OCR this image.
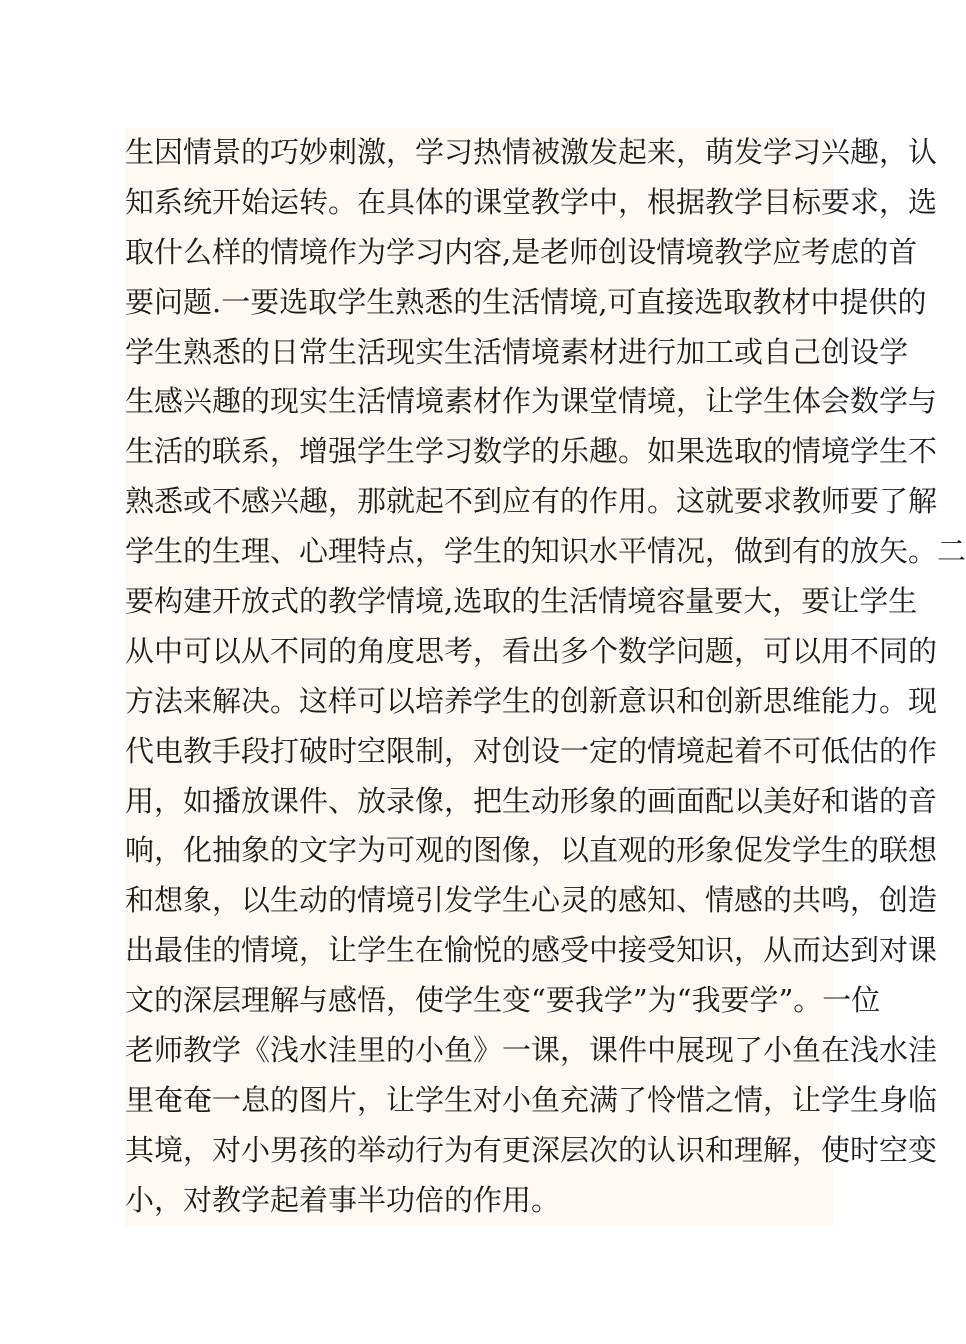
生因情景的巧妙刺激，学习热情被激发起来，萌发学习兴趣，认
知系统开始运转。在具体的课堂教学中，根据教学目标要求，选
取什么样的情境作为学习内容,是老师创设情境教学应考虑的首
要问题.一要选取学生熟悉的生活情境,可直接选取教材中提供的
学生熟悉的日常生活现实生活情境素材进行加工或自己创设学
生感兴趣的现实生活情境素材作为课堂情境，让学生体会数学与
生活的联系，增强学生学习数学的乐趣。如果选取的情境学生不
熟悉或不感兴趣，那就起不到应有的作用。这就要求教师要了解
学生的生理、心理特点，学生的知识水平情况，做到有的放矢。二
要构建开放式的教学情境,选取的生活情境容量要大，要让学生
从中可以从不同的角度思考，看出多个数学问题，可以用不同的
方法来解决。这样可以培养学生的创新意识和创新思维能力。现
代电教手段打破时空限制，对创设一定的情境起着不可低估的作
用，如播放课件、放录像，把生动形象的画面配以美好和谐的音
响，化抽象的文字为可观的图像，以直观的形象促发学生的联想
和想象，以生动的情境引发学生心灵的感知、情感的共鸣，创造
出最佳的情境，让学生在愉悦的感受中接受知识，从而达到对课
文的深层理解与感悟，使学生变“要我学”为“我要学”。一位
老师教学《浅水洼里的小鱼》一课，课件中展现了小鱼在浅水洼
里奄奄一息的图片，让学生对小鱼充满了怜惜之情，让学生身临
其境，对小男孩的举动行为有更深层次的认识和理解，使时空变
小，对教学起着事半功倍的作用。
